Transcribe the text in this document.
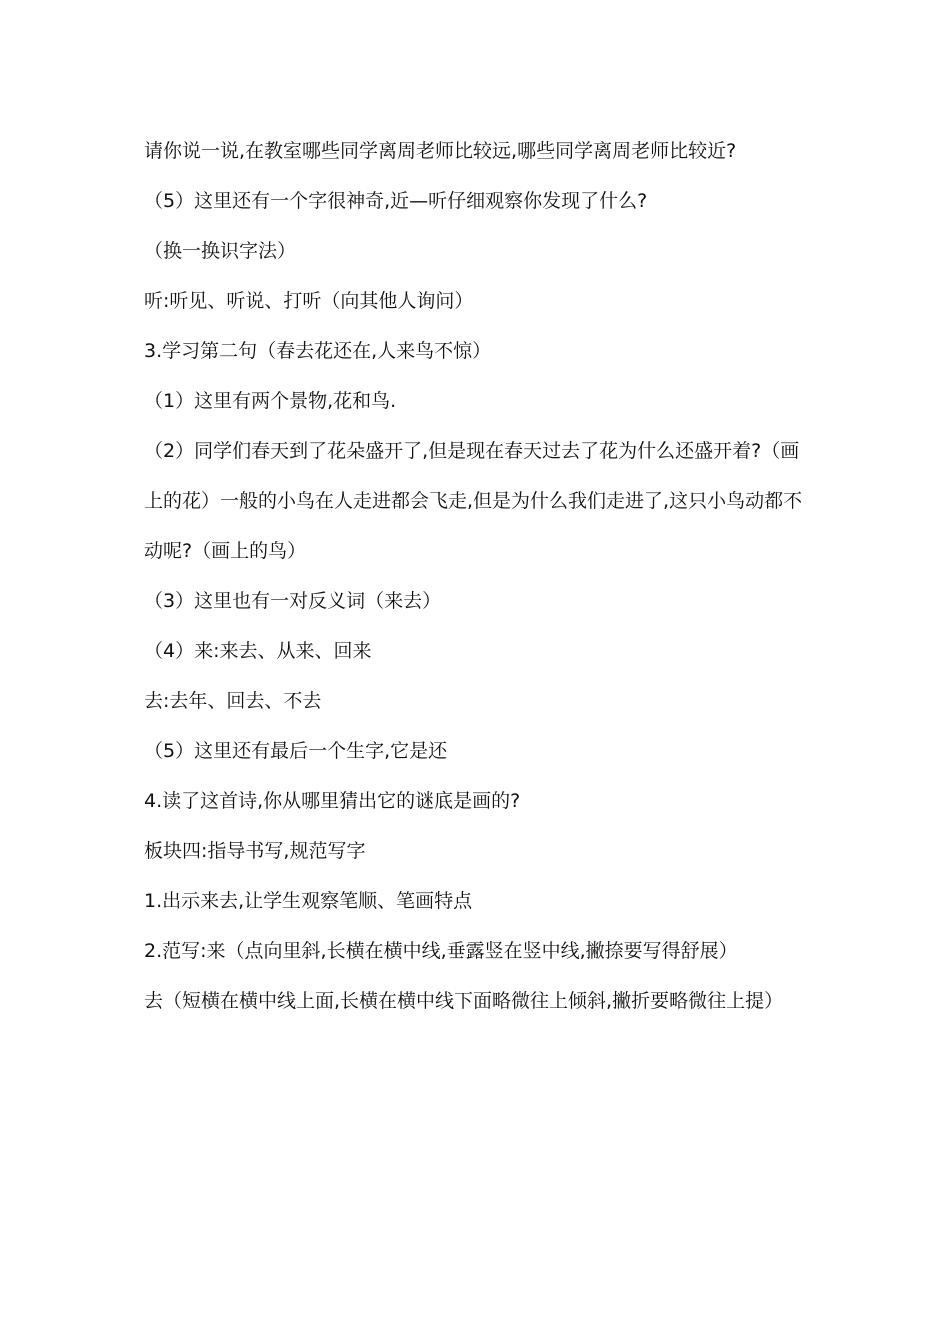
请你说一说,在教室哪些同学离周老师比较远,哪些同学离周老师比较近?
（5）这里还有一个字很神奇,近—听仔细观察你发现了什么?
（换一换识字法）
听:听见、听说、打听（向其他人询问）
3.学习第二句（春去花还在,人来鸟不惊）
（1）这里有两个景物,花和鸟.
（2）同学们春天到了花朵盛开了,但是现在春天过去了花为什么还盛开着?（画
上的花）一般的小鸟在人走进都会飞走,但是为什么我们走进了,这只小鸟动都不
动呢?（画上的鸟）
（3）这里也有一对反义词（来去）
（4）来:来去、从来、回来
去:去年、回去、不去
（5）这里还有最后一个生字,它是还
4.读了这首诗,你从哪里猜出它的谜底是画的?
板块四:指导书写,规范写字
1.出示来去,让学生观察笔顺、笔画特点
2.范写:来（点向里斜,长横在横中线,垂露竖在竖中线,撇捺要写得舒展）
去（短横在横中线上面,长横在横中线下面略微往上倾斜,撇折要略微往上提）
